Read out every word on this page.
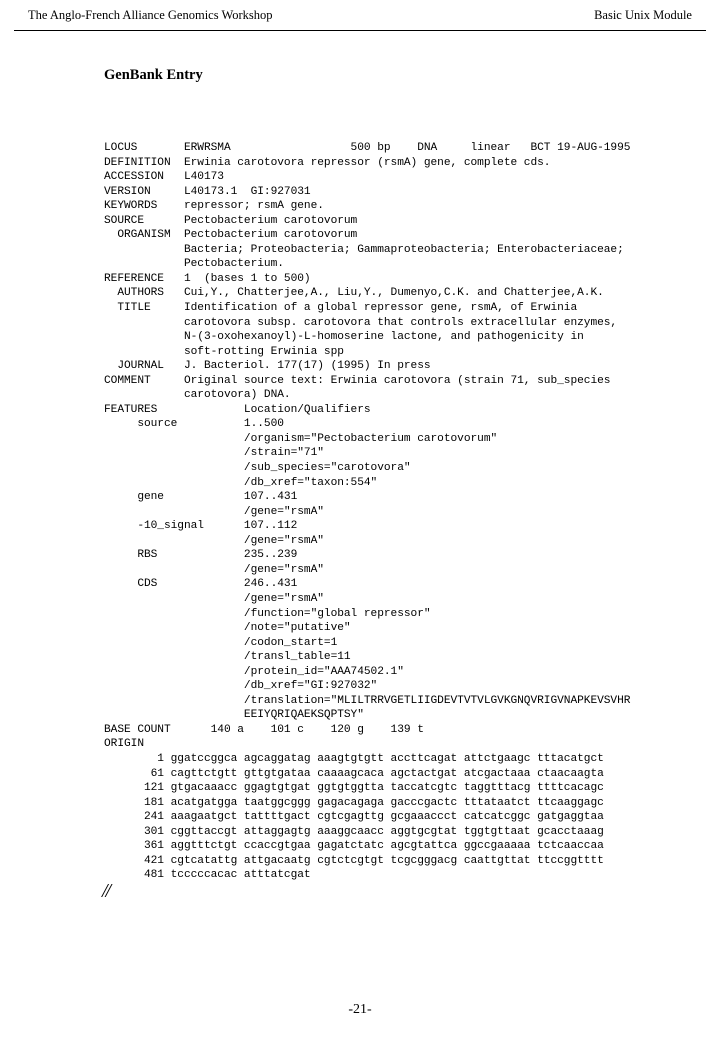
The Anglo-French Alliance Genomics Workshop	Basic Unix Module
GenBank Entry
LOCUS       ERWRSMA                  500 bp    DNA     linear   BCT 19-AUG-1995
DEFINITION  Erwinia carotovora repressor (rsmA) gene, complete cds.
ACCESSION   L40173
VERSION     L40173.1  GI:927031
KEYWORDS    repressor; rsmA gene.
SOURCE      Pectobacterium carotovorum
ORGANISM  Pectobacterium carotovorum
Bacteria; Proteobacteria; Gammaproteobacteria; Enterobacteriaceae;
Pectobacterium.
REFERENCE   1  (bases 1 to 500)
AUTHORS   Cui,Y., Chatterjee,A., Liu,Y., Dumenyo,C.K. and Chatterjee,A.K.
TITLE     Identification of a global repressor gene, rsmA, of Erwinia
carotovora subsp. carotovora that controls extracellular enzymes,
N-(3-oxohexanoyl)-L-homoserine lactone, and pathogenicity in
soft-rotting Erwinia spp
JOURNAL   J. Bacteriol. 177(17) (1995) In press
COMMENT     Original source text: Erwinia carotovora (strain 71, sub_species
carotovora) DNA.
FEATURES             Location/Qualifiers
source          1..500
/organism="Pectobacterium carotovorum"
/strain="71"
/sub_species="carotovora"
/db_xref="taxon:554"
gene            107..431
/gene="rsmA"
-10_signal      107..112
/gene="rsmA"
RBS             235..239
/gene="rsmA"
CDS             246..431
/gene="rsmA"
/function="global repressor"
/note="putative"
/codon_start=1
/transl_table=11
/protein_id="AAA74502.1"
/db_xref="GI:927032"
/translation="MLILTRRVGETLIIGDEVTVTVLGVKGNQVRIGVNAPKEVSVHR
EEIYQRIQAEKSQPTSY"
BASE COUNT      140 a    101 c    120 g    139 t
ORIGIN
1 ggatccggca agcaggatag aaagtgtgtt accttcagat attctgaagc tttacatgct
61 cagttctgtt gttgtgataa caaaagcaca agctactgat atcgactaaa ctaacaagta
121 gtgacaaacc ggagtgtgat ggtgtggtta taccatcgtc taggtttacg ttttcacagc
181 acatgatgga taatggcggg gagacagaga gacccgactc tttataatct ttcaaggagc
241 aaagaatgct tattttgact cgtcgagttg gcgaaaccct catcatcggc gatgaggtaa
301 cggttaccgt attaggagtg aaaggcaacc aggtgcgtat tggtgttaat gcacctaaag
361 aggtttctgt ccaccgtgaa gagatctatc agcgtattca ggccgaaaaa tctcaaccaa
421 cgtcatattg attgacaatg cgtctcgtgt tcgcgggacg caattgttat ttccggtttt
481 tcccccacac atttatcgat
//
-21-
